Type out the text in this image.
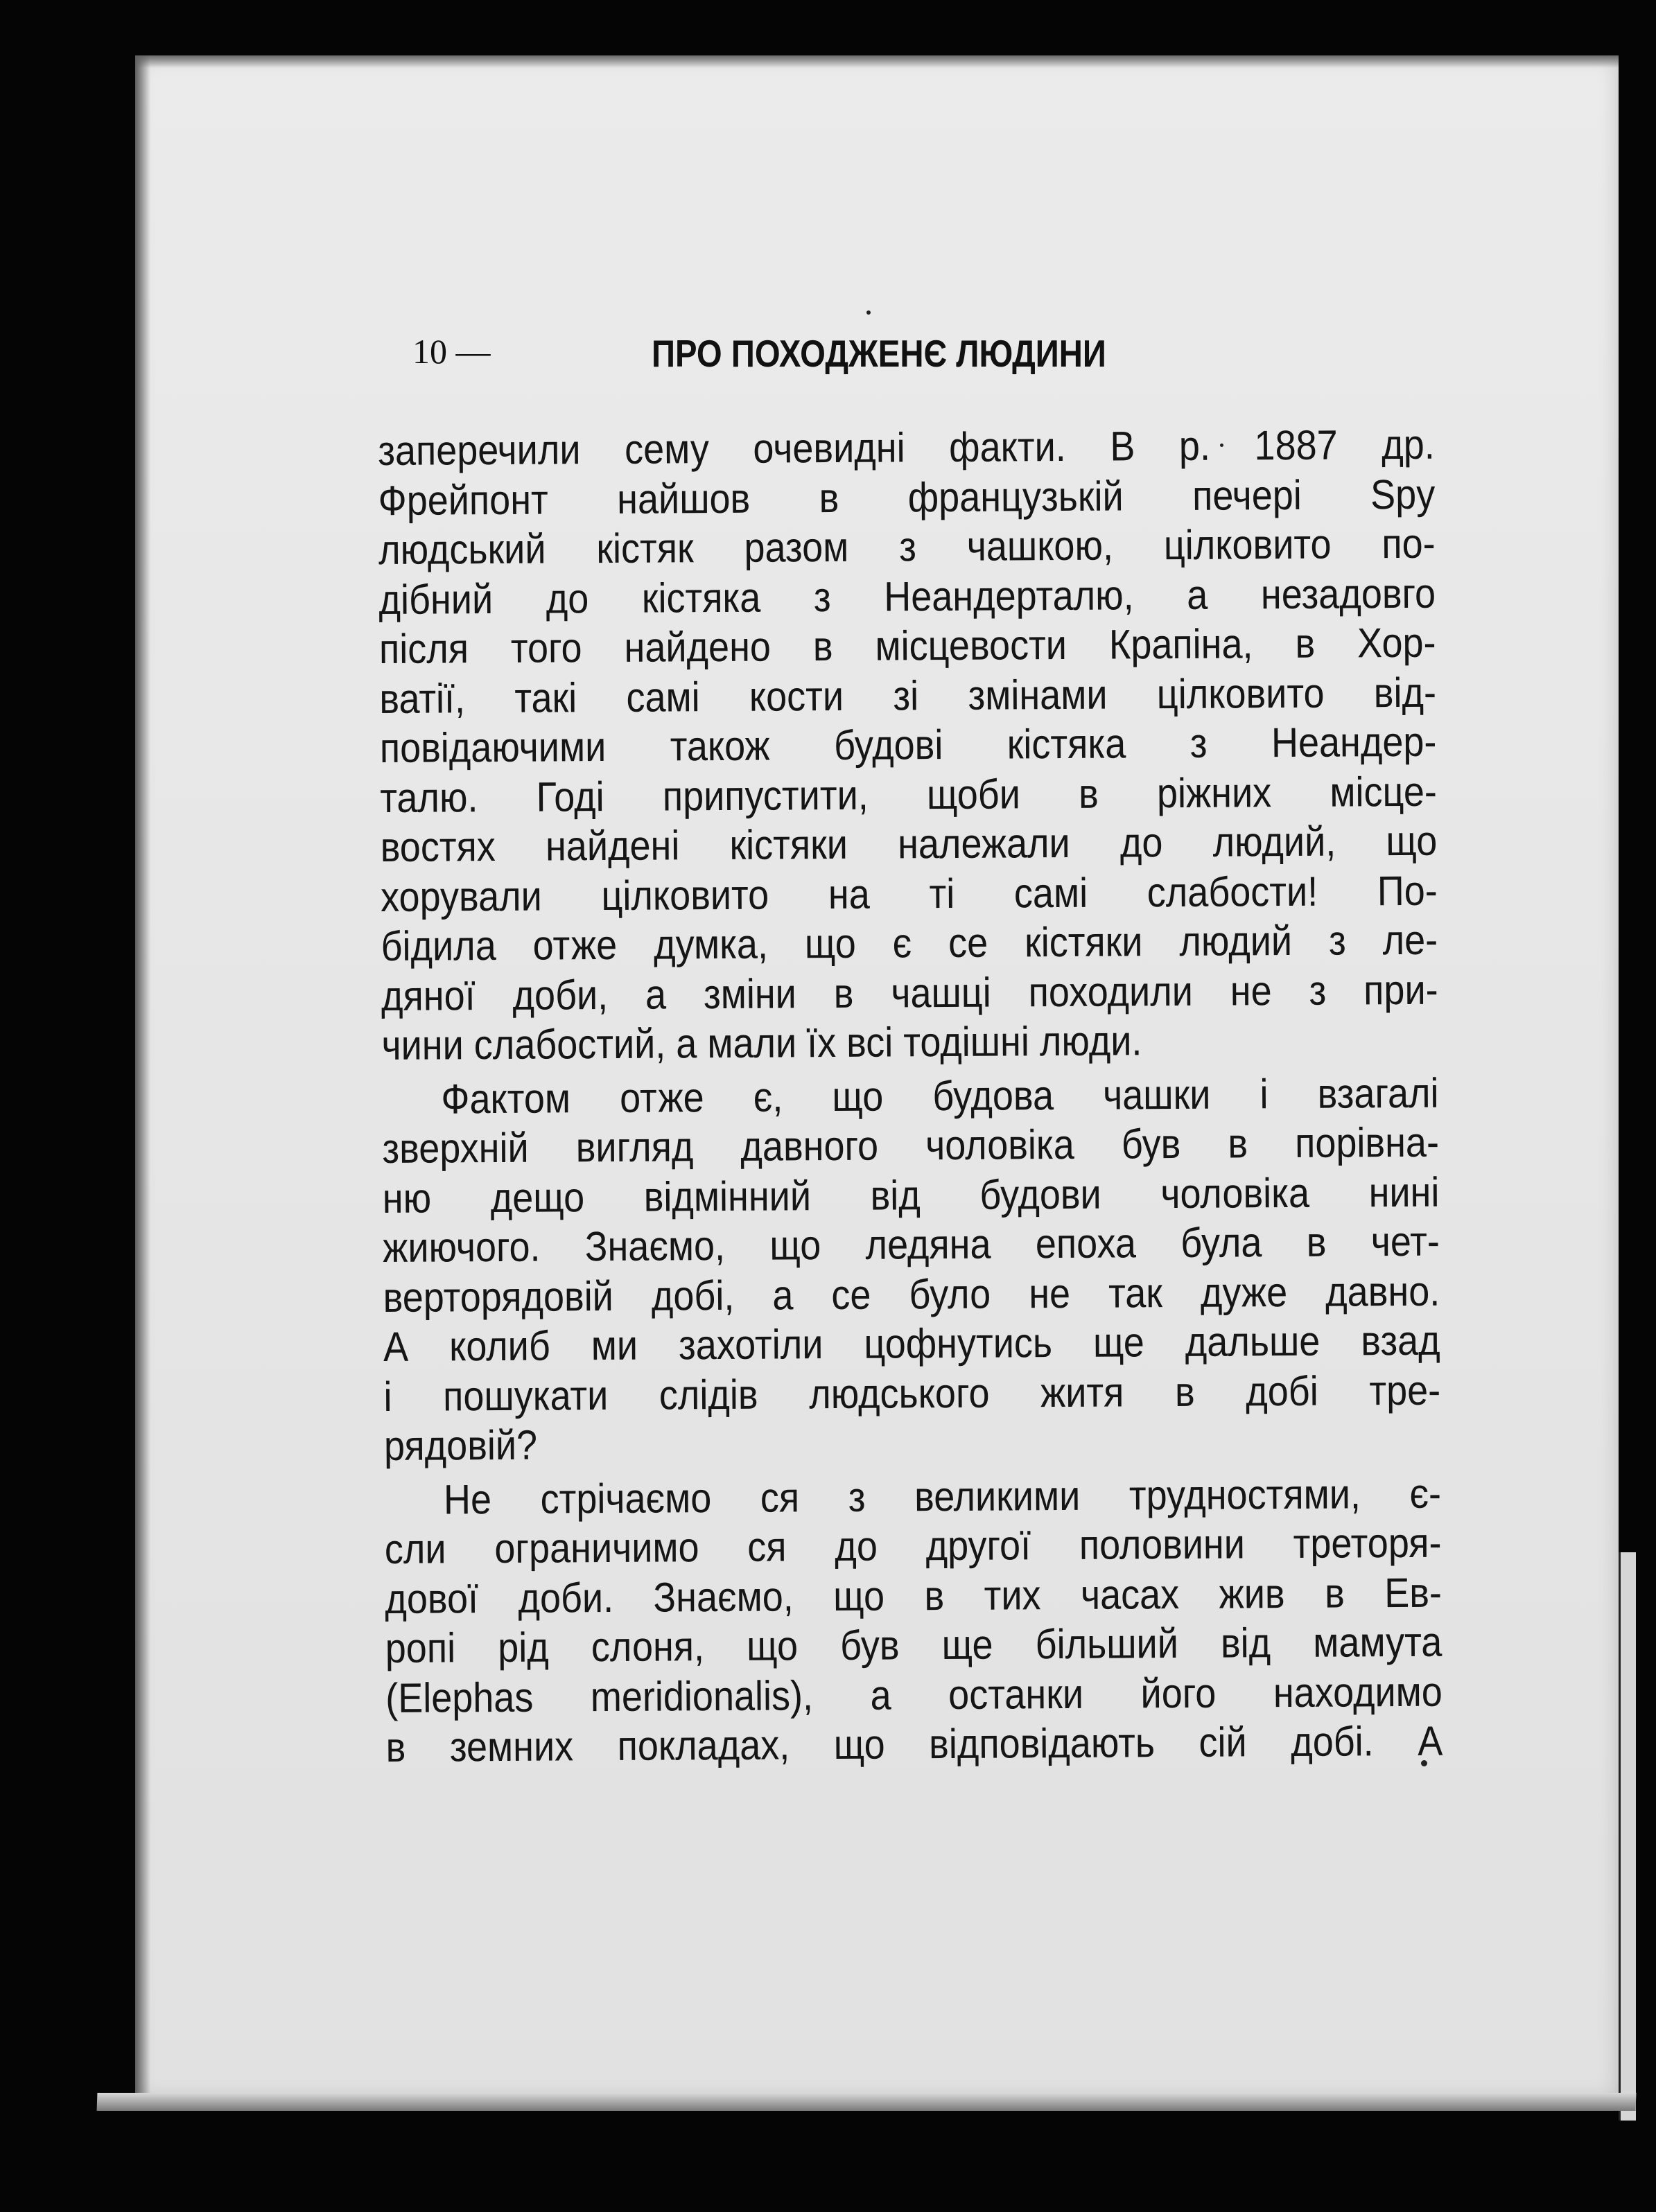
10 —	ПРО ПОХОДЖЕНЄ ЛЮДИНИ
заперечили сему очевидні факти. В р. 1887 др.
Фрейпонт найшов в французькій печері Spy
людський кістяк разом з чашкою, цілковито по-
дібний до кістяка з Неандерталю, а незадовго
після того найдено в місцевости Крапіна, в Хор-
ватії, такі самі кости зі змінами цілковито від-
повідаючими також будові кістяка з Неандер-
талю. Годі припустити, щоби в ріжних місце-
востях найдені кістяки належали до людий, що
хорували цілковито на ті самі слабости! По-
бідила отже думка, що є се кістяки людий з ле-
дяної доби, а зміни в чашці походили не з при-
чини слабостий, а мали їх всі тодішні люди.
Фактом отже є, що будова чашки і взагалі
зверхній вигляд давного чоловіка був в порівна-
ню дещо відмінний від будови чоловіка нині
жиючого. Знаємо, що ледяна епоха була в чет-
верторядовій добі, а се було не так дуже давно.
А колиб ми захотіли цофнутись ще дальше взад
і пошукати слідів людського житя в добі тре-
рядовій?
Не стрічаємо ся з великими трудностями, є-
сли ограничимо ся до другої половини треторя-
дової доби. Знаємо, що в тих часах жив в Ев-
ропі рід слоня, що був ще більший від мамута
(Elephas meridionalis), а останки його находимо
в земних покладах, що відповідають сій добі. А
